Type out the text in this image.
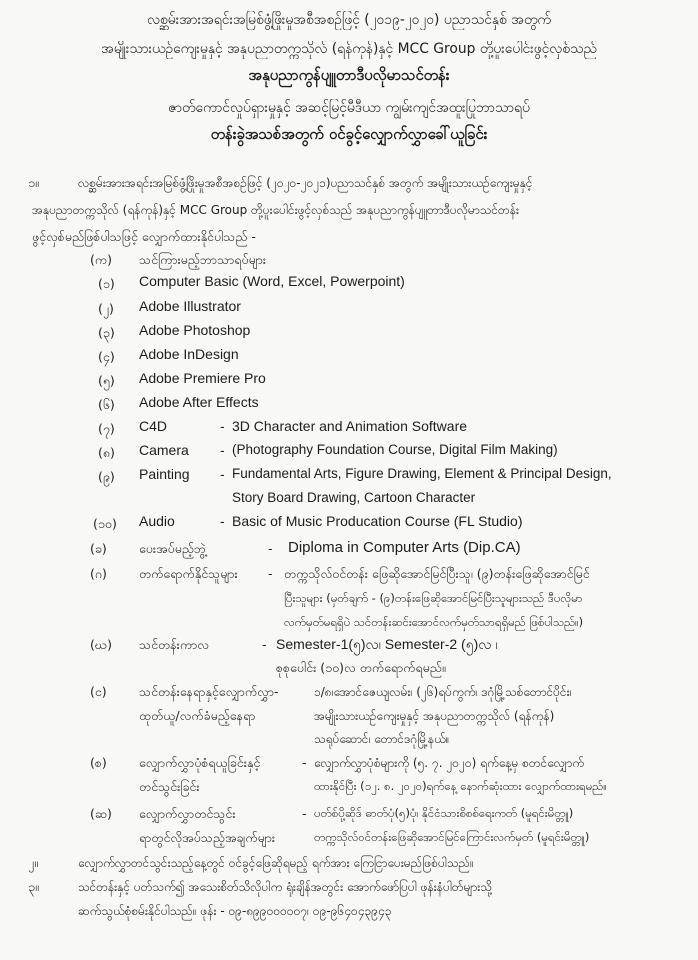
လစ္ဆမ်းအားအရင်းအမြစ်ဖွံ့ဖြိုးမှုအစီအစဉ်ဖြင့် (၂၀၁၉-၂၀၂၀) ပညာသင်နှစ် အတွက်
အမျိုးသားယဉ်ကျေးမှုနှင့် အနုပညာတက္ကသိုလ် (ရန်ကုန်)နှင့် MCC Group တို့ပူးပေါင်းဖွင့်လှစ်သည်
အနုပညာကွန်ပျူတာဒီပလိုမာသင်တန်း
ဇာတ်ကောင်လှုပ်ရှားမှုနှင့် အဆင့်မြင့်မီဒီယာ ကျွမ်းကျင်အထူးပြုဘာသာရပ်
တန်းခွဲအသစ်အတွက် ဝင်ခွင့်လျှောက်လွှာခေါ်ယူခြင်း
၁။	လစ္ဆမ်းအားအရင်းအမြစ်ဖွံ့ဖြိုးမှုအစီအစဉ်ဖြင့် (၂၀၂၀-၂၀၂၁)ပညာသင်နှစ် အတွက် အမျိုးသားယဉ်ကျေးမှုနှင့်
အနုပညာတက္ကသိုလ် (ရန်ကုန်)နှင့် MCC Group တို့ပူးပေါင်းဖွင့်လှစ်သည် အနုပညာကွန်ပျူတာဒီပလိုမာသင်တန်း
ဖွင့်လှစ်မည်ဖြစ်ပါသဖြင့် လျှောက်ထားနိုင်ပါသည် -
(က) သင်ကြားမည့်ဘာသာရပ်များ
(၁) Computer Basic (Word, Excel, Powerpoint)
(၂) Adobe Illustrator
(၃) Adobe Photoshop
(၄) Adobe InDesign
(၅) Adobe Premiere Pro
(၆) Adobe After Effects
(၇) C4D	- 3D Character and Animation Software
(၈) Camera - (Photography Foundation Course, Digital Film Making)
(၉) Painting - Fundamental Arts, Figure Drawing, Element & Principal Design,
Story Board Drawing, Cartoon Character
(၁၀) Audio	- Basic of Music Producation Course (FL Studio)
(ခ)	ပေးအပ်မည့်ဘွဲ့	- Diploma in Computer Arts (Dip.CA)
(ဂ)	တက်ရောက်နိုင်သူများ - တက္ကသိုလ်ဝင်တန်း ဖြေဆိုအောင်မြင်ပြီးသူ၊ (၉)တန်းဖြေဆိုအောင်မြင်
ပြီးသူများ (မှတ်ချက် - (၉)တန်းဖြေဆိုအောင်မြင်ပြီးသူများသည် ဒီပလိုမာ
လက်မှတ်မရရှိပဲ သင်တန်းဆင်းအောင်လက်မှတ်သာရရှိမည် ဖြစ်ပါသည်။)
(ဃ) သင်တန်းကာလ	- Semester-1(၅)လ၊ Semester-2 (၅)လ ၊
စုစုပေါင်း (၁၀)လ တက်ရောက်ရမည်။
(င)	သင်တန်းနေရာနှင့်လျှောက်လွှာ-
ထုတ်ယူ/လက်ခံမည့်နေရာ
၁/၈၊အောင်ဇေယျလမ်း၊ (၂၆)ရပ်ကွက်၊ ဒဂုံမြို့သစ်တောင်ပိုင်း၊
အမျိုးသားယဉ်ကျေးမှုနှင့် အနုပညာတက္ကသိုလ် (ရန်ကုန်)
သရုပ်ဆောင်၊ တောင်ဒဂုံမြို့နယ်။
(စ)	လျှောက်လွှာပုံစံရယူခြင်းနှင့်
တင်သွင်းခြင်း
- လျှောက်လွှာပုံစံများကို (၅. ၇. ၂၀၂၀) ရက်နေ့မှ စတင်လျှောက်
ထားနိုင်ပြီး (၁၂. ၈. ၂၀၂၀)ရက်နေ့ နောက်ဆုံးထား လျှောက်ထားရမည်။
(ဆ) လျှောက်လွှာတင်သွင်း
ရာတွင်လိုအပ်သည့်အချက်များ
- ပတ်စ်ပို့ဆိုဒ် ဓာတ်ပုံ(၅)ပုံ၊ နိုင်ငံသားစိစစ်ရေးကတ် (မူရင်းမိတ္တူ)
တက္ကသိုလ်ဝင်တန်းဖြေဆိုအောင်မြင်ကြောင်းလက်မှတ် (မူရင်းမိတ္တူ)
၂။	လျှောက်လွှာတင်သွင်းသည့်နေ့တွင် ဝင်ခွင့်ဖြေဆိုရမည့် ရက်အား ကြေငြာပေးမည်ဖြစ်ပါသည်။
၃။	သင်တန်းနှင့် ပတ်သက်၍ အသေးစိတ်သိလိုပါက ရုံးချိန်အတွင်း အောက်ဖော်ပြပါ ဖုန်းနံပါတ်များသို့
ဆက်သွယ်စုံစမ်းနိုင်ပါသည်။ ဖုန်း - ၀၉-၈၉၉၀၀၀၀၀၇၊ ၀၉-၉၆၄၀၄၃၉၄၃
